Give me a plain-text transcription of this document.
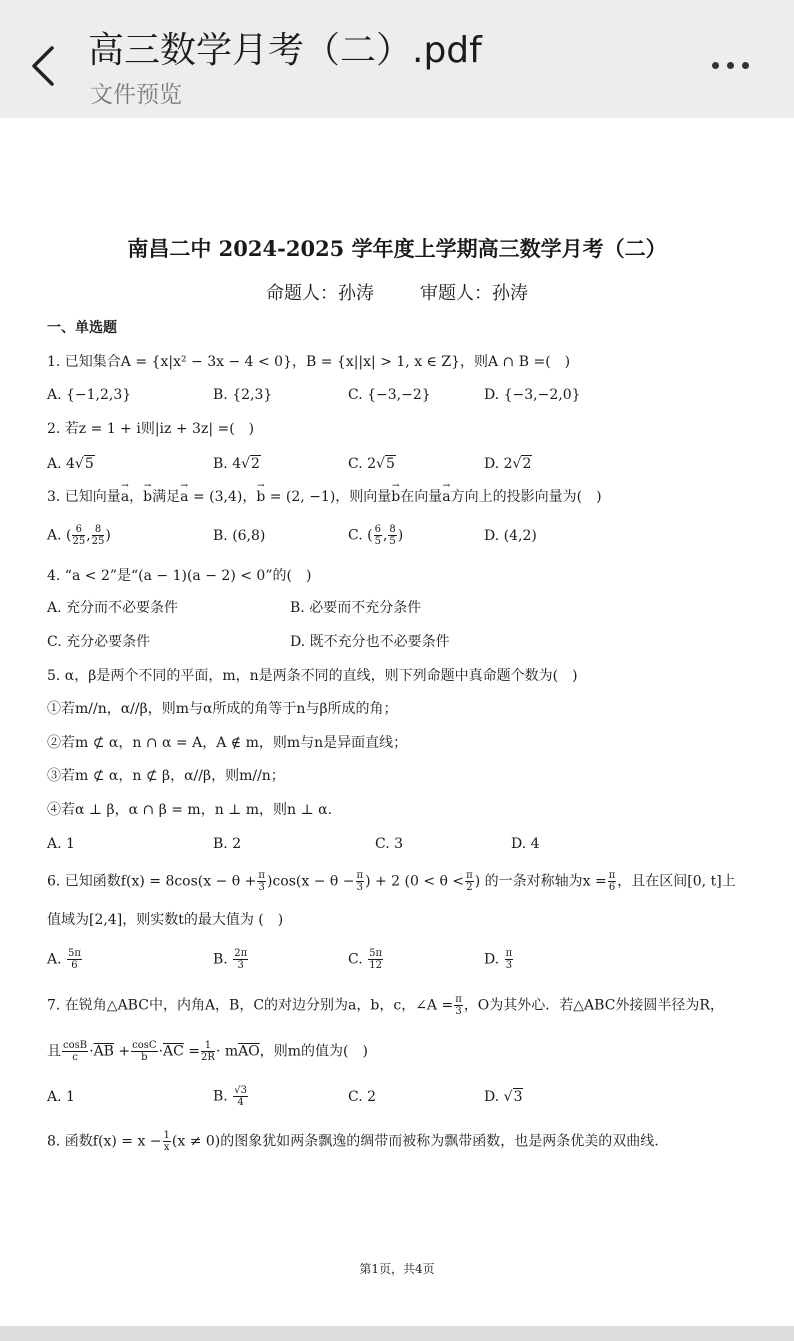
高三数学月考（二）.pdf
文件预览
南昌二中 2024-2025 学年度上学期高三数学月考（二）
命题人：孙涛	审题人：孙涛
一、单选题
1. 已知集合A = {x|x² − 3x − 4 < 0}，B = {x||x| > 1, x ∈ Z}，则A ∩ B =(　)
A. {−1,2,3}	B. {2,3}	C. {−3,−2}	D. {−3,−2,0}
2. 若z = 1 + i则|iz + 3z| =(　)
A. 4√5	B. 4√2	C. 2√5	D. 2√2
3. 已知向量→ a，→ b满足→ a = (3,4)，→ b = (2, −1)，则向量→ b在向量→ a方向上的投影向量为(　)
A. ( $\frac{6}{25}$ , $\frac{8}{25}$ )	B. (6,8)	C. ( $\frac{6}{5}$ , $\frac{8}{5}$ )	D. (4,2)
4. “a < 2”是“(a − 1)(a − 2) < 0”的(　)
A. 充分而不必要条件	B. 必要而不充分条件
C. 充分必要条件	D. 既不充分也不必要条件
5. α，β是两个不同的平面，m，n是两条不同的直线，则下列命题中真命题个数为(　)
①若m//n，α//β，则m与α所成的角等于n与β所成的角；
②若m ⊄ α，n ∩ α = A，A ∉ m，则m与n是异面直线；
③若m ⊄ α，n ⊄ β，α//β，则m//n；
④若α ⊥ β，α ∩ β = m，n ⊥ m，则n ⊥ α.
A. 1	B. 2	C. 3	D. 4
6. 已知函数$f(x) = 8\cos(x - \theta + \frac{\pi}{3} )\cos(x - \theta - \frac{\pi}{3}$ ) + 2 ($0 < \theta < \frac{\pi}{2}$ ) 的一条对称轴为$x = \frac{\pi}{6}$ ，且在区间[0, t]上
值域为[2,4]，则实数t的最大值为 (　)
A. $\frac{5\pi}{6}$	B. $\frac{2\pi}{3}$	C. $\frac{5\pi}{12}$	D. $\frac{\pi}{3}$
7. 在锐角△ABC中，内角A，B，C的对边分别为a，b，c，∠A = $\frac{\pi}{3}$ ，O为其外心．若△ABC外接圆半径为R，
且 $\frac{\cos B}{c} \cdot\overline{AB} + \frac{\cos C}{b} \cdot\overline{AC} = \frac{1}{2R} \cdot m\overline{AO}$，则m的值为(　)
A. 1	B. $\frac{√3}{4}$	C. 2	D. √3
8. 函数$f(x) = x - \frac{1}{x} (x \ne 0)$的图象犹如两条飘逸的绸带而被称为飘带函数，也是两条优美的双曲线.
第1页，共4页
